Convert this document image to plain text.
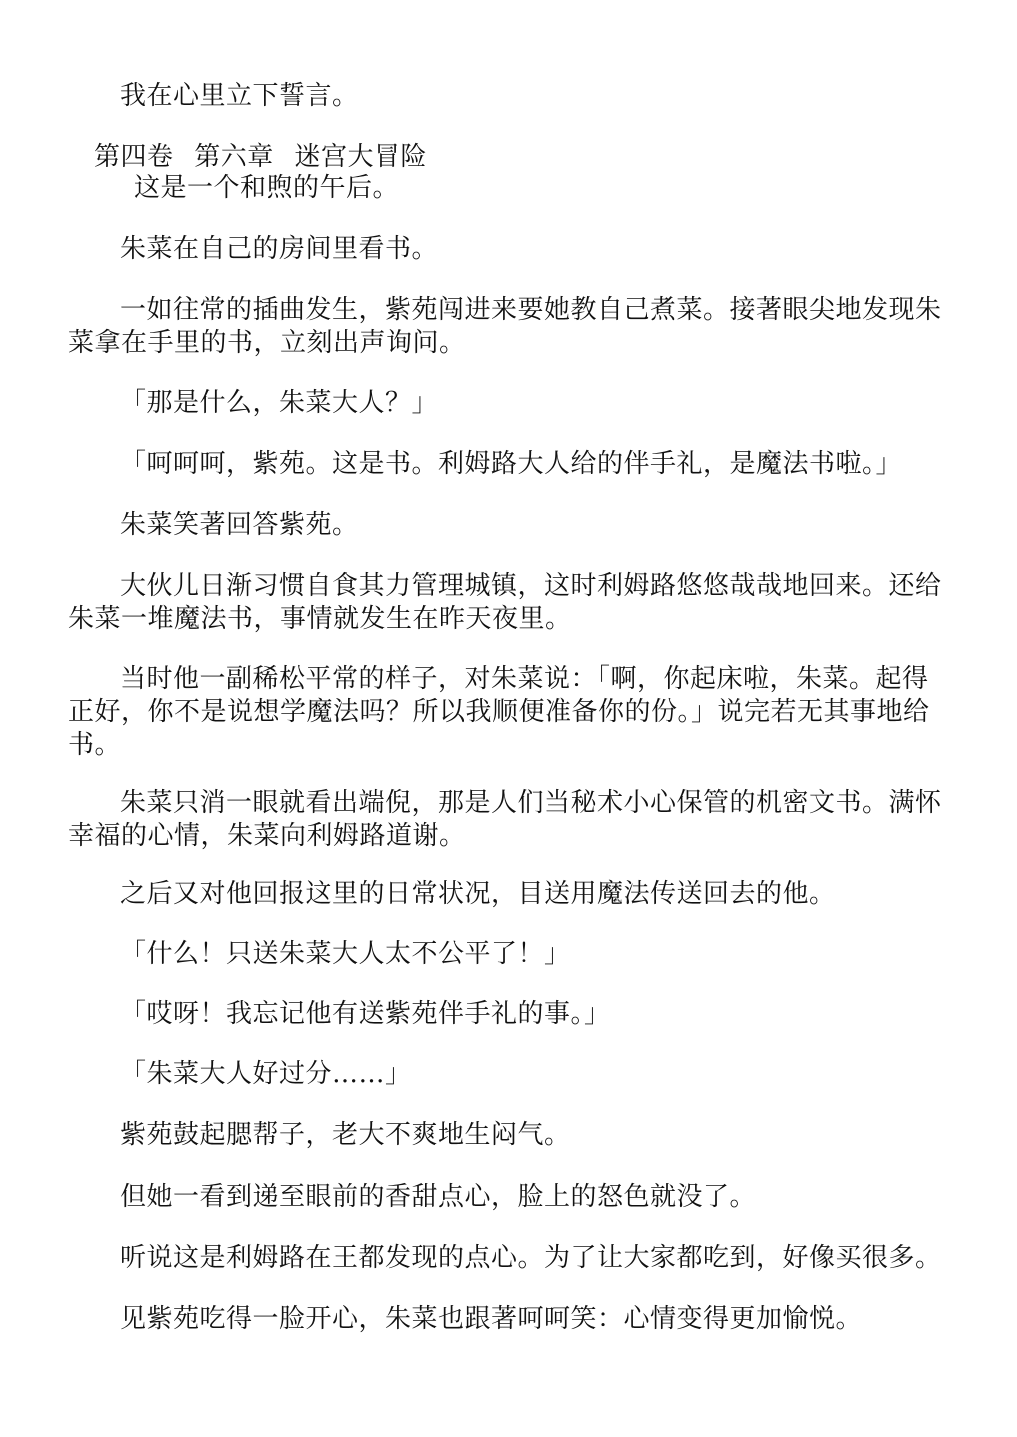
我在心里立下誓言。
第四卷 第六章 迷宫大冒险
这是一个和煦的午后。
朱菜在自己的房间里看书。
一如往常的插曲发生，紫苑闯进来要她教自己煮菜。接著眼尖地发现朱菜拿在手里的书，立刻出声询问。
「那是什么，朱菜大人？」
「呵呵呵，紫苑。这是书。利姆路大人给的伴手礼，是魔法书啦。」
朱菜笑著回答紫苑。
大伙儿日渐习惯自食其力管理城镇，这时利姆路悠悠哉哉地回来。还给朱菜一堆魔法书，事情就发生在昨天夜里。
当时他一副稀松平常的样子，对朱菜说：「啊，你起床啦，朱菜。起得正好，你不是说想学魔法吗？所以我顺便准备你的份。」说完若无其事地给书。
朱菜只消一眼就看出端倪，那是人们当秘术小心保管的机密文书。满怀幸福的心情，朱菜向利姆路道谢。
之后又对他回报这里的日常状况，目送用魔法传送回去的他。
「什么！只送朱菜大人太不公平了！」
「哎呀！我忘记他有送紫苑伴手礼的事。」
「朱菜大人好过分……」
紫苑鼓起腮帮子，老大不爽地生闷气。
但她一看到递至眼前的香甜点心，脸上的怒色就没了。
听说这是利姆路在王都发现的点心。为了让大家都吃到，好像买很多。
见紫苑吃得一脸开心，朱菜也跟著呵呵笑：心情变得更加愉悦。
